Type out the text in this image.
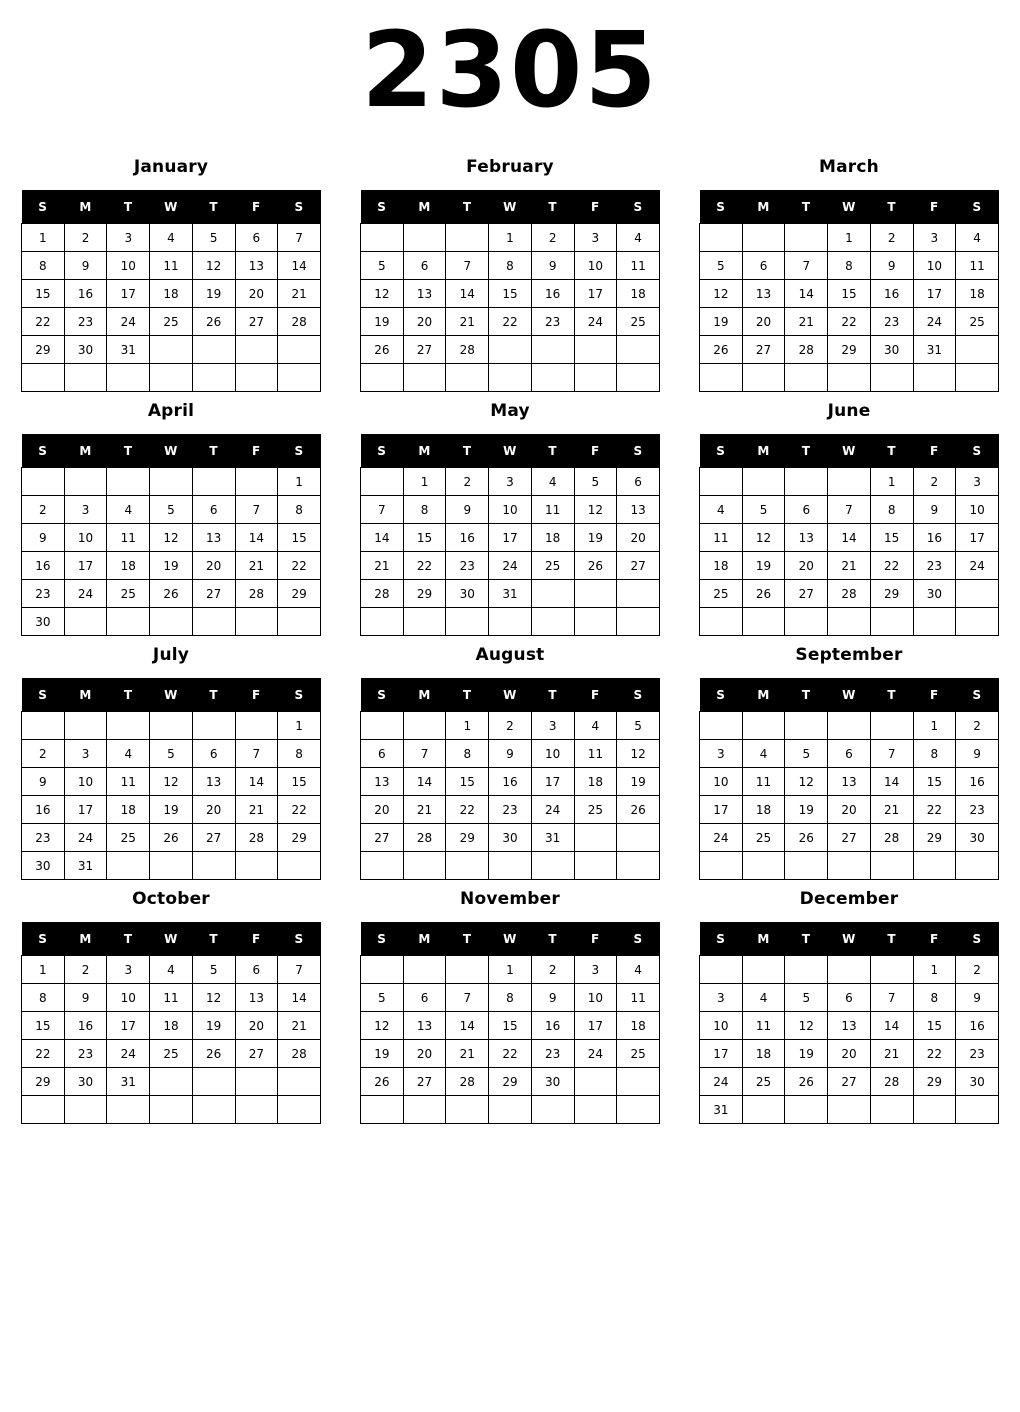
2305
January
S	M	T	W	T	F	S
1	2	3	4	5	6	7
8	9	10	11	12	13	14
15	16	17	18	19	20	21
22	23	24	25	26	27	28
29	30	31				

February
S	M	T	W	T	F	S
			1	2	3	4
5	6	7	8	9	10	11
12	13	14	15	16	17	18
19	20	21	22	23	24	25
26	27	28				

March
S	M	T	W	T	F	S
			1	2	3	4
5	6	7	8	9	10	11
12	13	14	15	16	17	18
19	20	21	22	23	24	25
26	27	28	29	30	31	

April
S	M	T	W	T	F	S
						1
2	3	4	5	6	7	8
9	10	11	12	13	14	15
16	17	18	19	20	21	22
23	24	25	26	27	28	29
30						
May
S	M	T	W	T	F	S
	1	2	3	4	5	6
7	8	9	10	11	12	13
14	15	16	17	18	19	20
21	22	23	24	25	26	27
28	29	30	31			

June
S	M	T	W	T	F	S
				1	2	3
4	5	6	7	8	9	10
11	12	13	14	15	16	17
18	19	20	21	22	23	24
25	26	27	28	29	30	

July
S	M	T	W	T	F	S
						1
2	3	4	5	6	7	8
9	10	11	12	13	14	15
16	17	18	19	20	21	22
23	24	25	26	27	28	29
30	31					
August
S	M	T	W	T	F	S
		1	2	3	4	5
6	7	8	9	10	11	12
13	14	15	16	17	18	19
20	21	22	23	24	25	26
27	28	29	30	31		

September
S	M	T	W	T	F	S
					1	2
3	4	5	6	7	8	9
10	11	12	13	14	15	16
17	18	19	20	21	22	23
24	25	26	27	28	29	30

October
S	M	T	W	T	F	S
1	2	3	4	5	6	7
8	9	10	11	12	13	14
15	16	17	18	19	20	21
22	23	24	25	26	27	28
29	30	31				

November
S	M	T	W	T	F	S
			1	2	3	4
5	6	7	8	9	10	11
12	13	14	15	16	17	18
19	20	21	22	23	24	25
26	27	28	29	30		

December
S	M	T	W	T	F	S
					1	2
3	4	5	6	7	8	9
10	11	12	13	14	15	16
17	18	19	20	21	22	23
24	25	26	27	28	29	30
31						
